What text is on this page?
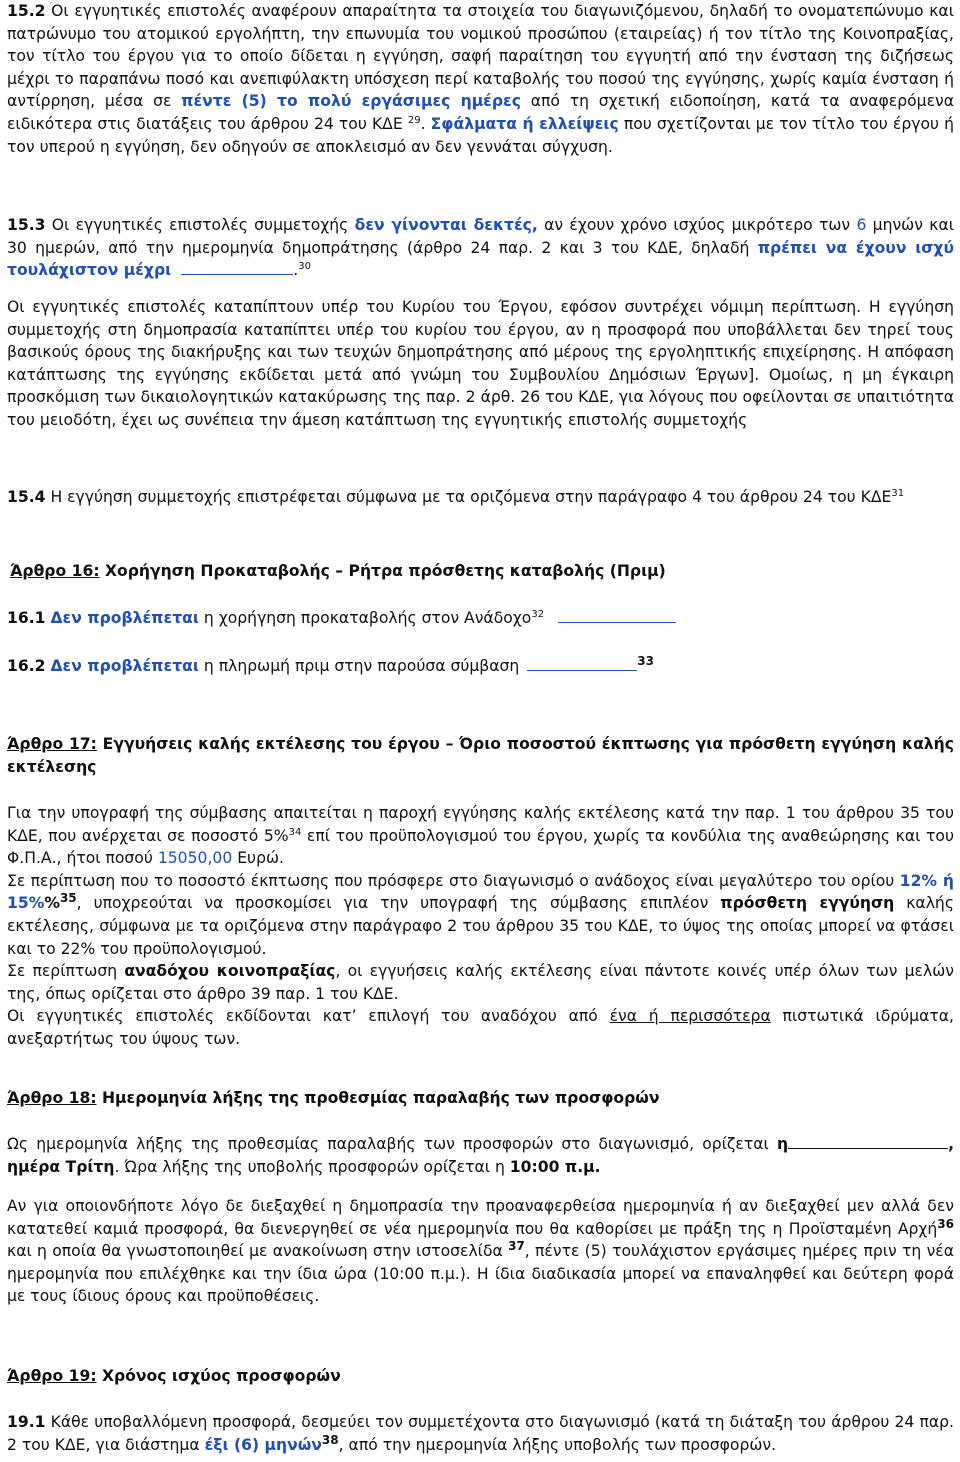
15.2 Οι εγγυητικές επιστολές αναφέρουν απαραίτητα τα στοιχεία του διαγωνιζόμενου, δηλαδή το ονοματεπώνυμο και πατρώνυμο του ατομικού εργολήπτη, την επωνυμία του νομικού προσώπου (εταιρείας) ή τον τίτλο της Κοινοπραξίας, τον τίτλο του έργου για το οποίο δίδεται η εγγύηση, σαφή παραίτηση του εγγυητή από την ένσταση της διζήσεως μέχρι το παραπάνω ποσό και ανεπιφύλακτη υπόσχεση περί καταβολής του ποσού της εγγύησης, χωρίς καμία ένσταση ή αντίρρηση, μέσα σε πέντε (5) το πολύ εργάσιμες ημέρες από τη σχετική ειδοποίηση, κατά τα αναφερόμενα ειδικότερα στις διατάξεις του άρθρου 24 του ΚΔΕ $^{29}$. Σφάλματα ή ελλείψεις που σχετίζονται με τον τίτλο του έργου ή τον υπερού η εγγύηση, δεν οδηγούν σε αποκλεισμό αν δεν γεννάται σύγχυση.

15.3 Οι εγγυητικές επιστολές συμμετοχής δεν γίνονται δεκτές, αν έχουν χρόνο ισχύος μικρότερο των 6 μηνών και 30 ημερών, από την ημερομηνία δημοπράτησης (άρθρο 24 παρ. 2 και 3 του ΚΔΕ, δηλαδή πρέπει να έχουν ισχύ τουλάχιστον μέχρι	.$^{30}$

Οι εγγυητικές επιστολές καταπίπτουν υπέρ του Κυρίου του Έργου, εφόσον συντρέχει νόμιμη περίπτωση. Η εγγύηση συμμετοχής στη δημοπρασία καταπίπτει υπέρ του κυρίου του έργου, αν η προσφορά που υποβάλλεται δεν τηρεί τους βασικούς όρους της διακήρυξης και των τευχών δημοπράτησης από μέρους της εργοληπτικής επιχείρησης. Η απόφαση κατάπτωσης της εγγύησης εκδίδεται μετά από γνώμη του Συμβουλίου Δημόσιων Έργων]. Ομοίως, η μη έγκαιρη προσκόμιση των δικαιολογητικών κατακύρωσης της παρ. 2 άρθ. 26 του ΚΔΕ, για λόγους που οφείλονται σε υπαιτιότητα του μειοδότη, έχει ως συνέπεια την άμεση κατάπτωση της εγγυητικής επιστολής συμμετοχής

15.4 Η εγγύηση συμμετοχής επιστρέφεται σύμφωνα με τα οριζόμενα στην παράγραφο 4 του άρθρου 24 του ΚΔΕ$^{31}$

Άρθρο 16: Χορήγηση Προκαταβολής – Ρήτρα πρόσθετης καταβολής (Πριμ)

16.1 Δεν προβλέπεται η χορήγηση προκαταβολής στον Ανάδοχο$^{32}$

16.2 Δεν προβλέπεται η πληρωμή πριμ στην παρούσα σύμβαση	$^{33}$

Άρθρο 17: Εγγυήσεις καλής εκτέλεσης του έργου – Όριο ποσοστού έκπτωσης για πρόσθετη εγγύηση καλής εκτέλεσης

Για την υπογραφή της σύμβασης απαιτείται η παροχή εγγύησης καλής εκτέλεσης κατά την παρ. 1 του άρθρου 35 του ΚΔΕ, που ανέρχεται σε ποσοστό 5%$^{34}$ επί του προϋπολογισμού του έργου, χωρίς τα κονδύλια της αναθεώρησης και του Φ.Π.Α., ήτοι ποσού 15050,00 Ευρώ.
Σε περίπτωση που το ποσοστό έκπτωσης που πρόσφερε στο διαγωνισμό ο ανάδοχος είναι μεγαλύτερο του ορίου 12% ή 15%%$^{35}$, υποχρεούται να προσκομίσει για την υπογραφή της σύμβασης επιπλέον πρόσθετη εγγύηση καλής εκτέλεσης, σύμφωνα με τα οριζόμενα στην παράγραφο 2 του άρθρου 35 του ΚΔΕ, το ύψος της οποίας μπορεί να φτάσει και το 22% του προϋπολογισμού.
Σε περίπτωση αναδόχου κοινοπραξίας, οι εγγυήσεις καλής εκτέλεσης είναι πάντοτε κοινές υπέρ όλων των μελών της, όπως ορίζεται στο άρθρο 39 παρ. 1 του ΚΔΕ.
Οι εγγυητικές επιστολές εκδίδονται κατ’ επιλογή του αναδόχου από ένα ή περισσότερα πιστωτικά ιδρύματα, ανεξαρτήτως του ύψους των.

Άρθρο 18: Ημερομηνία λήξης της προθεσμίας παραλαβής των προσφορών

Ως ημερομηνία λήξης της προθεσμίας παραλαβής των προσφορών στο διαγωνισμό, ορίζεται η	, ημέρα Τρίτη. Ώρα λήξης της υποβολής προσφορών ορίζεται η 10:00 π.μ.

Αν για οποιονδήποτε λόγο δε διεξαχθεί η δημοπρασία την προαναφερθείσα ημερομηνία ή αν διεξαχθεί μεν αλλά δεν κατατεθεί καμιά προσφορά, θα διενεργηθεί σε νέα ημερομηνία που θα καθορίσει με πράξη της η Προϊσταμένη Αρχή$^{36}$ και η οποία θα γνωστοποιηθεί με ανακοίνωση στην ιστοσελίδα $^{37}$, πέντε (5) τουλάχιστον εργάσιμες ημέρες πριν τη νέα ημερομηνία που επιλέχθηκε και την ίδια ώρα (10:00 π.μ.). Η ίδια διαδικασία μπορεί να επαναληφθεί και δεύτερη φορά με τους ίδιους όρους και προϋποθέσεις.

Άρθρο 19: Χρόνος ισχύος προσφορών

19.1 Κάθε υποβαλλόμενη προσφορά, δεσμεύει τον συμμετέχοντα στο διαγωνισμό (κατά τη διάταξη του άρθρου 24 παρ. 2 του ΚΔΕ, για διάστημα έξι (6) μηνών$^{38}$, από την ημερομηνία λήξης υποβολής των προσφορών.
